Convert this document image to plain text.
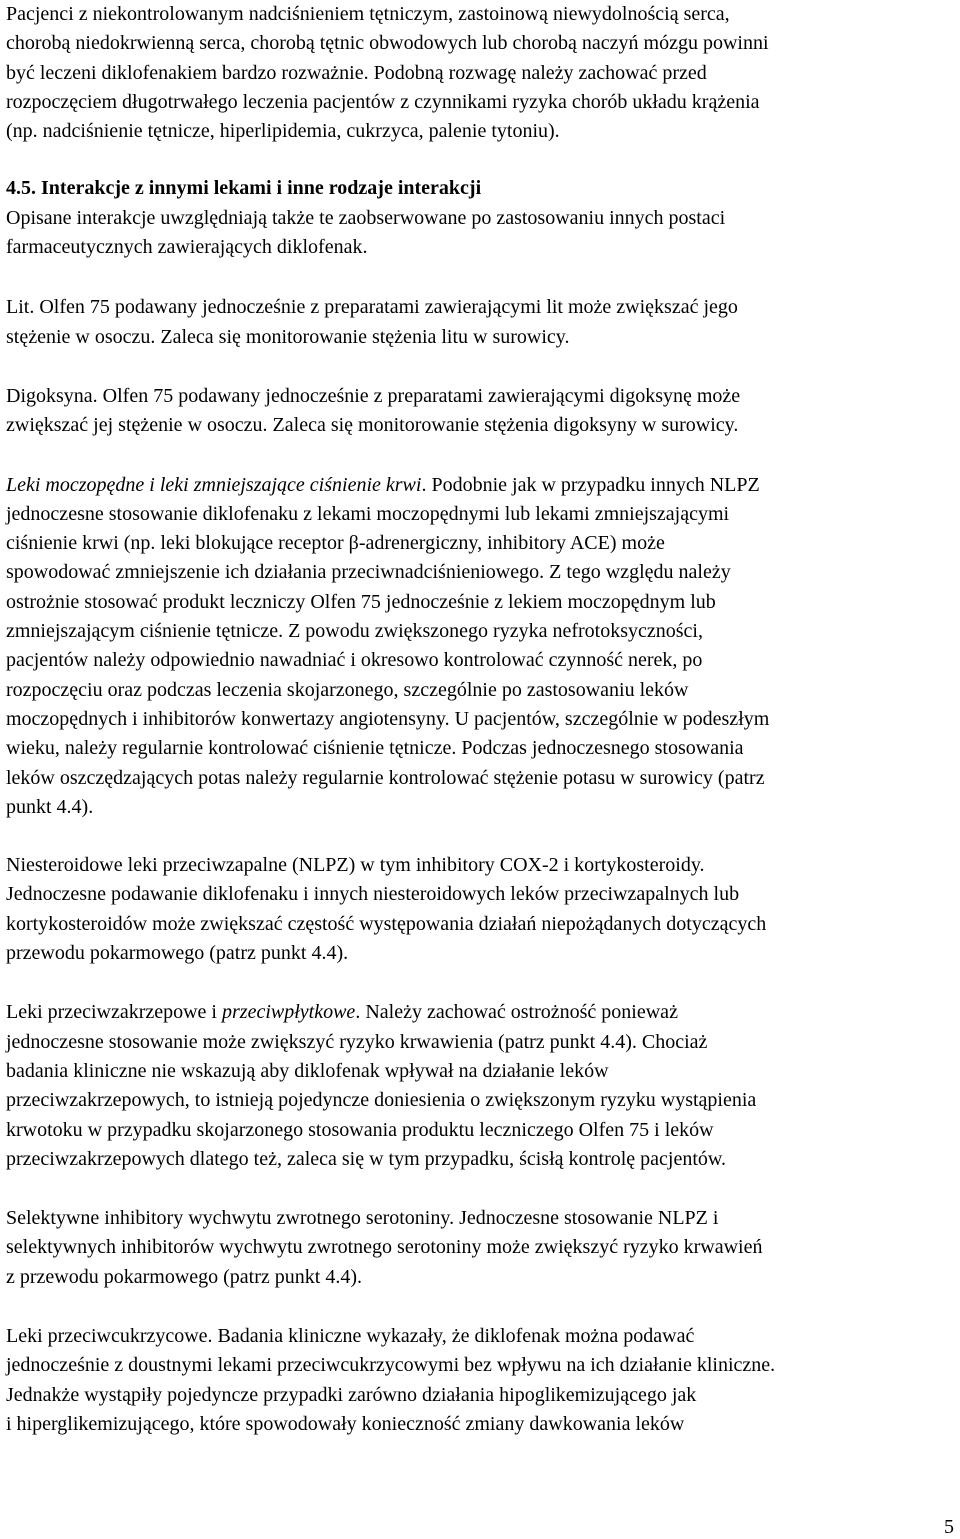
Pacjenci z niekontrolowanym nadciśnieniem tętniczym, zastoinową niewydolnością serca,
chorobą niedokrwienną serca, chorobą tętnic obwodowych lub chorobą naczyń mózgu powinni
być leczeni diklofenakiem bardzo rozważnie. Podobną rozwagę należy zachować przed
rozpoczęciem długotrwałego leczenia pacjentów z czynnikami ryzyka chorób układu krążenia
(np. nadciśnienie tętnicze, hiperlipidemia, cukrzyca, palenie tytoniu).

4.5. Interakcje z innymi lekami i inne rodzaje interakcji
Opisane interakcje uwzględniają także te zaobserwowane po zastosowaniu innych postaci
farmaceutycznych zawierających diklofenak.

Lit. Olfen 75 podawany jednocześnie z preparatami zawierającymi lit może zwiększać jego
stężenie w osoczu. Zaleca się monitorowanie stężenia litu w surowicy.

Digoksyna. Olfen 75 podawany jednocześnie z preparatami zawierającymi digoksynę może
zwiększać jej stężenie w osoczu. Zaleca się monitorowanie stężenia digoksyny w surowicy.

Leki moczopędne i leki zmniejszające ciśnienie krwi. Podobnie jak w przypadku innych NLPZ
jednoczesne stosowanie diklofenaku z lekami moczopędnymi lub lekami zmniejszającymi
ciśnienie krwi (np. leki blokujące receptor β-adrenergiczny, inhibitory ACE) może
spowodować zmniejszenie ich działania przeciwnadciśnieniowego. Z tego względu należy
ostrożnie stosować produkt leczniczy Olfen 75 jednocześnie z lekiem moczopędnym lub
zmniejszającym ciśnienie tętnicze. Z powodu zwiększonego ryzyka nefrotoksyczności,
pacjentów należy odpowiednio nawadniać i okresowo kontrolować czynność nerek, po
rozpoczęciu oraz podczas leczenia skojarzonego, szczególnie po zastosowaniu leków
moczopędnych i inhibitorów konwertazy angiotensyny. U pacjentów, szczególnie w podeszłym
wieku, należy regularnie kontrolować ciśnienie tętnicze. Podczas jednoczesnego stosowania
leków oszczędzających potas należy regularnie kontrolować stężenie potasu w surowicy (patrz
punkt 4.4).

Niesteroidowe leki przeciwzapalne (NLPZ) w tym inhibitory COX-2 i kortykosteroidy.
Jednoczesne podawanie diklofenaku i innych niesteroidowych leków przeciwzapalnych lub
kortykosteroidów może zwiększać częstość występowania działań niepożądanych dotyczących
przewodu pokarmowego (patrz punkt 4.4).

Leki przeciwzakrzepowe i przeciwpłytkowe. Należy zachować ostrożność ponieważ
jednoczesne stosowanie może zwiększyć ryzyko krwawienia (patrz punkt 4.4). Chociaż
badania kliniczne nie wskazują aby diklofenak wpływał na działanie leków
przeciwzakrzepowych, to istnieją pojedyncze doniesienia o zwiększonym ryzyku wystąpienia
krwotoku w przypadku skojarzonego stosowania produktu leczniczego Olfen 75 i leków
przeciwzakrzepowych dlatego też, zaleca się w tym przypadku, ścisłą kontrolę pacjentów.

Selektywne inhibitory wychwytu zwrotnego serotoniny. Jednoczesne stosowanie NLPZ i
selektywnych inhibitorów wychwytu zwrotnego serotoniny może zwiększyć ryzyko krwawień
z przewodu pokarmowego (patrz punkt 4.4).

Leki przeciwcukrzycowe. Badania kliniczne wykazały, że diklofenak można podawać
jednocześnie z doustnymi lekami przeciwcukrzycowymi bez wpływu na ich działanie kliniczne.
Jednakże wystąpiły pojedyncze przypadki zarówno działania hipoglikemizującego jak
i hiperglikemizującego, które spowodowały konieczność zmiany dawkowania leków

5
